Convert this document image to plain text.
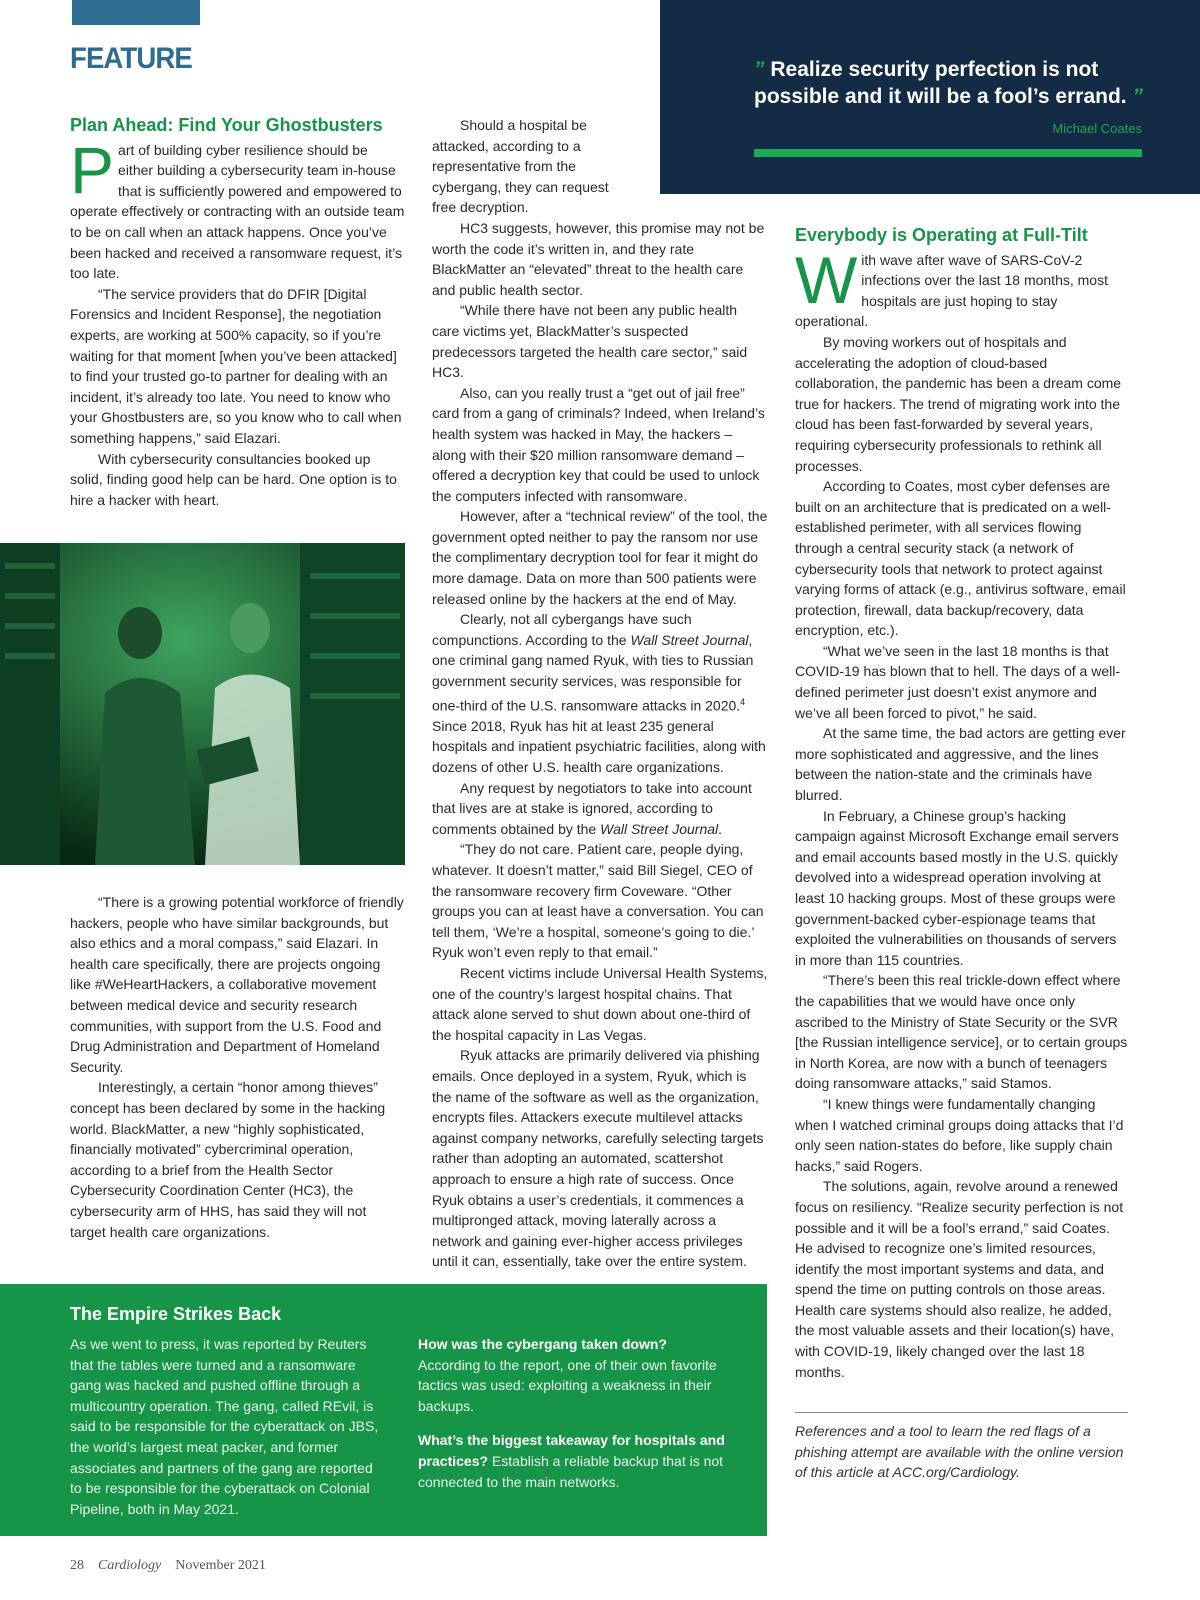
FEATURE	” Realize security perfection is not possible and it will be a fool’s errand. ”
Michael Coates
Plan Ahead: Find Your Ghostbusters

Part of building cyber resilience should be either building a cybersecurity team in-house that is sufficiently powered and empowered to operate effectively or contracting with an outside team to be on call when an attack happens. Once you’ve been hacked and received a ransomware request, it’s too late.

“The service providers that do DFIR [Digital Forensics and Incident Response], the negotiation experts, are working at 500% capacity, so if you’re waiting for that moment [when you’ve been attacked] to find your trusted go-to partner for dealing with an incident, it’s already too late. You need to know who your Ghostbusters are, so you know who to call when something happens,” said Elazari.

With cybersecurity consultancies booked up solid, finding good help can be hard. One option is to hire a hacker with heart.

“There is a growing potential workforce of friendly hackers, people who have similar backgrounds, but also ethics and a moral compass,” said Elazari. In health care specifically, there are projects ongoing like #WeHeartHackers, a collaborative movement between medical device and security research communities, with support from the U.S. Food and Drug Administration and Department of Homeland Security.

Interestingly, a certain “honor among thieves” concept has been declared by some in the hacking world. BlackMatter, a new “highly sophisticated, financially motivated” cybercriminal operation, according to a brief from the Health Sector Cybersecurity Coordination Center (HC3), the cybersecurity arm of HHS, has said they will not target health care organizations.

Should a hospital be attacked, according to a representative from the cybergang, they can request free decryption.

HC3 suggests, however, this promise may not be worth the code it’s written in, and they rate BlackMatter an “elevated” threat to the health care and public health sector.

“While there have not been any public health care victims yet, BlackMatter’s suspected predecessors targeted the health care sector,” said HC3.

Also, can you really trust a “get out of jail free” card from a gang of criminals? Indeed, when Ireland’s health system was hacked in May, the hackers – along with their $20 million ransomware demand – offered a decryption key that could be used to unlock the computers infected with ransomware.

However, after a “technical review” of the tool, the government opted neither to pay the ransom nor use the complimentary decryption tool for fear it might do more damage. Data on more than 500 patients were released online by the hackers at the end of May.

Clearly, not all cybergangs have such compunctions. According to the Wall Street Journal, one criminal gang named Ryuk, with ties to Russian government security services, was responsible for one-third of the U.S. ransomware attacks in 2020.$^4$ Since 2018, Ryuk has hit at least 235 general hospitals and inpatient psychiatric facilities, along with dozens of other U.S. health care organizations.

Any request by negotiators to take into account that lives are at stake is ignored, according to comments obtained by the Wall Street Journal.

“They do not care. Patient care, people dying, whatever. It doesn’t matter,” said Bill Siegel, CEO of the ransomware recovery firm Coveware. “Other groups you can at least have a conversation. You can tell them, ‘We’re a hospital, someone’s going to die.’ Ryuk won’t even reply to that email.”

Recent victims include Universal Health Systems, one of the country’s largest hospital chains. That attack alone served to shut down about one-third of the hospital capacity in Las Vegas.

Ryuk attacks are primarily delivered via phishing emails. Once deployed in a system, Ryuk, which is the name of the software as well as the organization, encrypts files. Attackers execute multilevel attacks against company networks, carefully selecting targets rather than adopting an automated, scattershot approach to ensure a high rate of success. Once Ryuk obtains a user’s credentials, it commences a multipronged attack, moving laterally across a network and gaining ever-higher access privileges until it can, essentially, take over the entire system.

Everybody is Operating at Full-Tilt

With wave after wave of SARS-CoV-2 infections over the last 18 months, most hospitals are just hoping to stay operational.

By moving workers out of hospitals and accelerating the adoption of cloud-based collaboration, the pandemic has been a dream come true for hackers. The trend of migrating work into the cloud has been fast-forwarded by several years, requiring cybersecurity professionals to rethink all processes.

According to Coates, most cyber defenses are built on an architecture that is predicated on a well-established perimeter, with all services flowing through a central security stack (a network of cybersecurity tools that network to protect against varying forms of attack (e.g., antivirus software, email protection, firewall, data backup/recovery, data encryption, etc.).

“What we’ve seen in the last 18 months is that COVID-19 has blown that to hell. The days of a well-defined perimeter just doesn’t exist anymore and we’ve all been forced to pivot,” he said.

At the same time, the bad actors are getting ever more sophisticated and aggressive, and the lines between the nation-state and the criminals have blurred.

In February, a Chinese group’s hacking campaign against Microsoft Exchange email servers and email accounts based mostly in the U.S. quickly devolved into a widespread operation involving at least 10 hacking groups. Most of these groups were government-backed cyber-espionage teams that exploited the vulnerabilities on thousands of servers in more than 115 countries.

“There’s been this real trickle-down effect where the capabilities that we would have once only ascribed to the Ministry of State Security or the SVR [the Russian intelligence service], or to certain groups in North Korea, are now with a bunch of teenagers doing ransomware attacks,” said Stamos.

“I knew things were fundamentally changing when I watched criminal groups doing attacks that I’d only seen nation-states do before, like supply chain hacks,” said Rogers.

The solutions, again, revolve around a renewed focus on resiliency. “Realize security perfection is not possible and it will be a fool’s errand,” said Coates. He advised to recognize one’s limited resources, identify the most important systems and data, and spend the time on putting controls on those areas. Health care systems should also realize, he added, the most valuable assets and their location(s) have, with COVID-19, likely changed over the last 18 months.

The Empire Strikes Back
As we went to press, it was reported by Reuters that the tables were turned and a ransomware gang was hacked and pushed offline through a multicountry operation. The gang, called REvil, is said to be responsible for the cyberattack on JBS, the world’s largest meat packer, and former associates and partners of the gang are reported to be responsible for the cyberattack on Colonial Pipeline, both in May 2021.
How was the cybergang taken down?
According to the report, one of their own favorite tactics was used: exploiting a weakness in their backups.
What’s the biggest takeaway for hospitals and practices? Establish a reliable backup that is not connected to the main networks.
References and a tool to learn the red flags of a phishing attempt are available with the online version of this article at ACC.org/Cardiology.
28 Cardiology November 2021
